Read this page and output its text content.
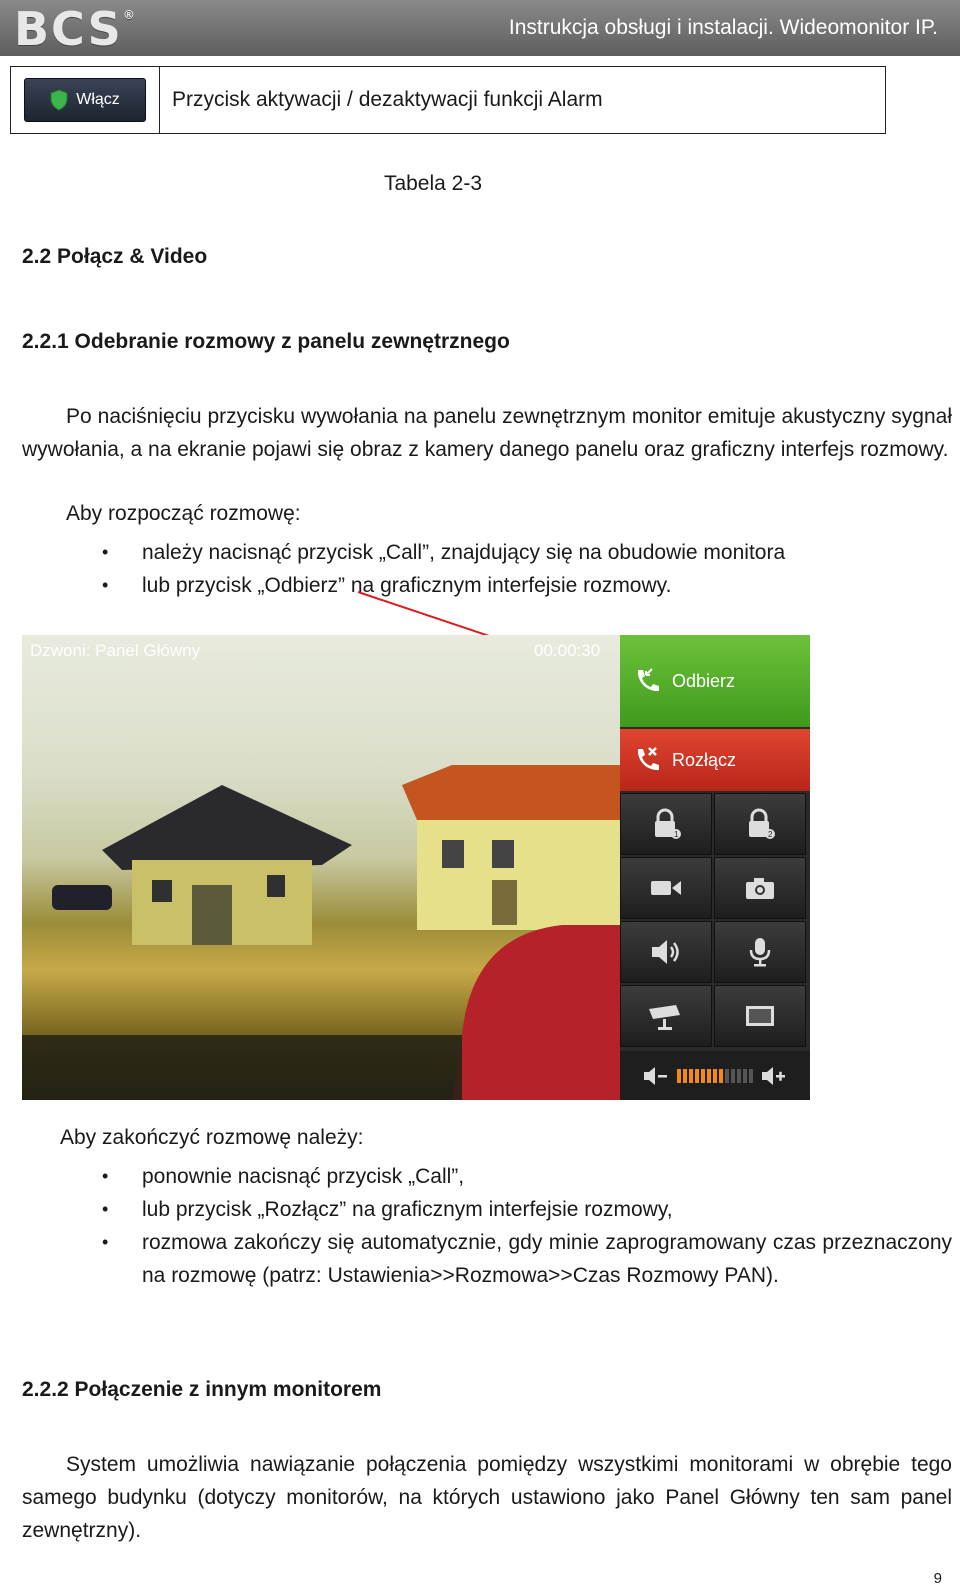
BCS®
Instrukcja obsługi i instalacji. Wideomonitor IP.
Włącz	Przycisk aktywacji / dezaktywacji funkcji Alarm
Tabela 2-3
2.2 Połącz & Video
2.2.1 Odebranie rozmowy z panelu zewnętrznego
Po naciśnięciu przycisku wywołania na panelu zewnętrznym monitor emituje akustyczny sygnał wywołania, a na ekranie pojawi się obraz z kamery danego panelu oraz graficzny interfejs rozmowy.
Aby rozpocząć rozmowę:
• należy nacisnąć przycisk „Call”, znajdujący się na obudowie monitora
• lub przycisk „Odbierz” na graficznym interfejsie rozmowy.
Dzwoni: Panel Główny	00:00:30
Odbierz
Rozłącz
1	2
Aby zakończyć rozmowę należy:
• ponownie nacisnąć przycisk „Call”,
• lub przycisk „Rozłącz” na graficznym interfejsie rozmowy,
• rozmowa zakończy się automatycznie, gdy minie zaprogramowany czas przeznaczony na rozmowę (patrz: Ustawienia>>Rozmowa>>Czas Rozmowy PAN).
2.2.2 Połączenie z innym monitorem
System umożliwia nawiązanie połączenia pomiędzy wszystkimi monitorami w obrębie tego samego budynku (dotyczy monitorów, na których ustawiono jako Panel Główny ten sam panel zewnętrzny).
9
